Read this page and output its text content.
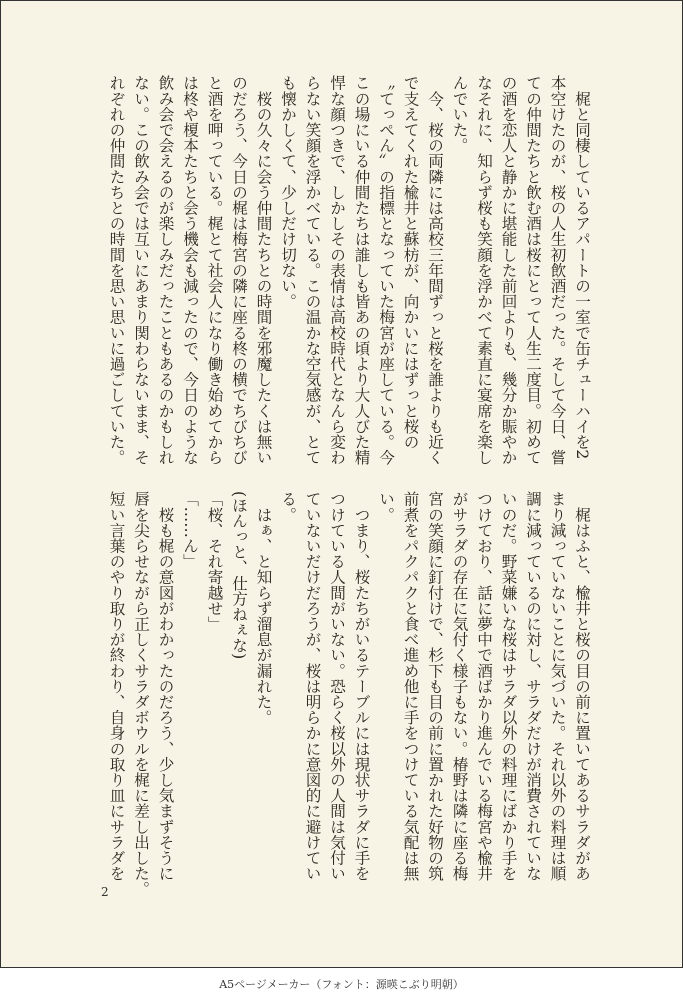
　梶と同棲しているアパートの一室で缶チューハイを2
本空けたのが、桜の人生初飲酒だった。そして今日、嘗
ての仲間たちと飲む酒は桜にとって人生二度目。初めて
の酒を恋人と静かに堪能した前回よりも、幾分か賑やか
なそれに、知らず桜も笑顔を浮かべて素直に宴席を楽し
んでいた。
　今、桜の両隣には高校三年間ずっと桜を誰よりも近く
で支えてくれた楡井と蘇枋が、向かいにはずっと桜の
〝てっぺん〟の指標となっていた梅宮が座している。今
この場にいる仲間たちは誰しも皆あの頃より大人びた精
悍な顔つきで、しかしその表情は高校時代となんら変わ
らない笑顔を浮かべている。この温かな空気感が、とて
も懐かしくて、少しだけ切ない。
　桜の久々に会う仲間たちとの時間を邪魔したくは無い
のだろう、今日の梶は梅宮の隣に座る柊の横でちびちび
と酒を呷っている。梶とて社会人になり働き始めてから
は柊や榎本たちと会う機会も減ったので、今日のような
飲み会で会えるのが楽しみだったこともあるのかもしれ
ない。この飲み会では互いにあまり関わらないまま、そ
れぞれの仲間たちとの時間を思い思いに過ごしていた。
　梶はふと、楡井と桜の目の前に置いてあるサラダがあ
まり減っていないことに気づいた。それ以外の料理は順
調に減っているのに対し、サラダだけが消費されていな
いのだ。野菜嫌いな桜はサラダ以外の料理にばかり手を
つけており、話に夢中で酒ばかり進んでいる梅宮や楡井
がサラダの存在に気付く様子もない。椿野は隣に座る梅
宮の笑顔に釘付けで、杉下も目の前に置かれた好物の筑
前煮をパクパクと食べ進め他に手をつけている気配は無
い。
　つまり、桜たちがいるテーブルには現状サラダに手を
つけている人間がいない。恐らく桜以外の人間は気付い
ていないだけだろうが、桜は明らかに意図的に避けてい
る。
　はぁ、と知らず溜息が漏れた。
(ほんっと、仕方ねぇな)
「桜、それ寄越せ」
「……ん」
　桜も梶の意図がわかったのだろう、少し気まずそうに
唇を尖らせながら正しくサラダボウルを梶に差し出した。
短い言葉のやり取りが終わり、自身の取り皿にサラダを
2
A5ページメーカー（フォント：源暎こぶり明朝）
